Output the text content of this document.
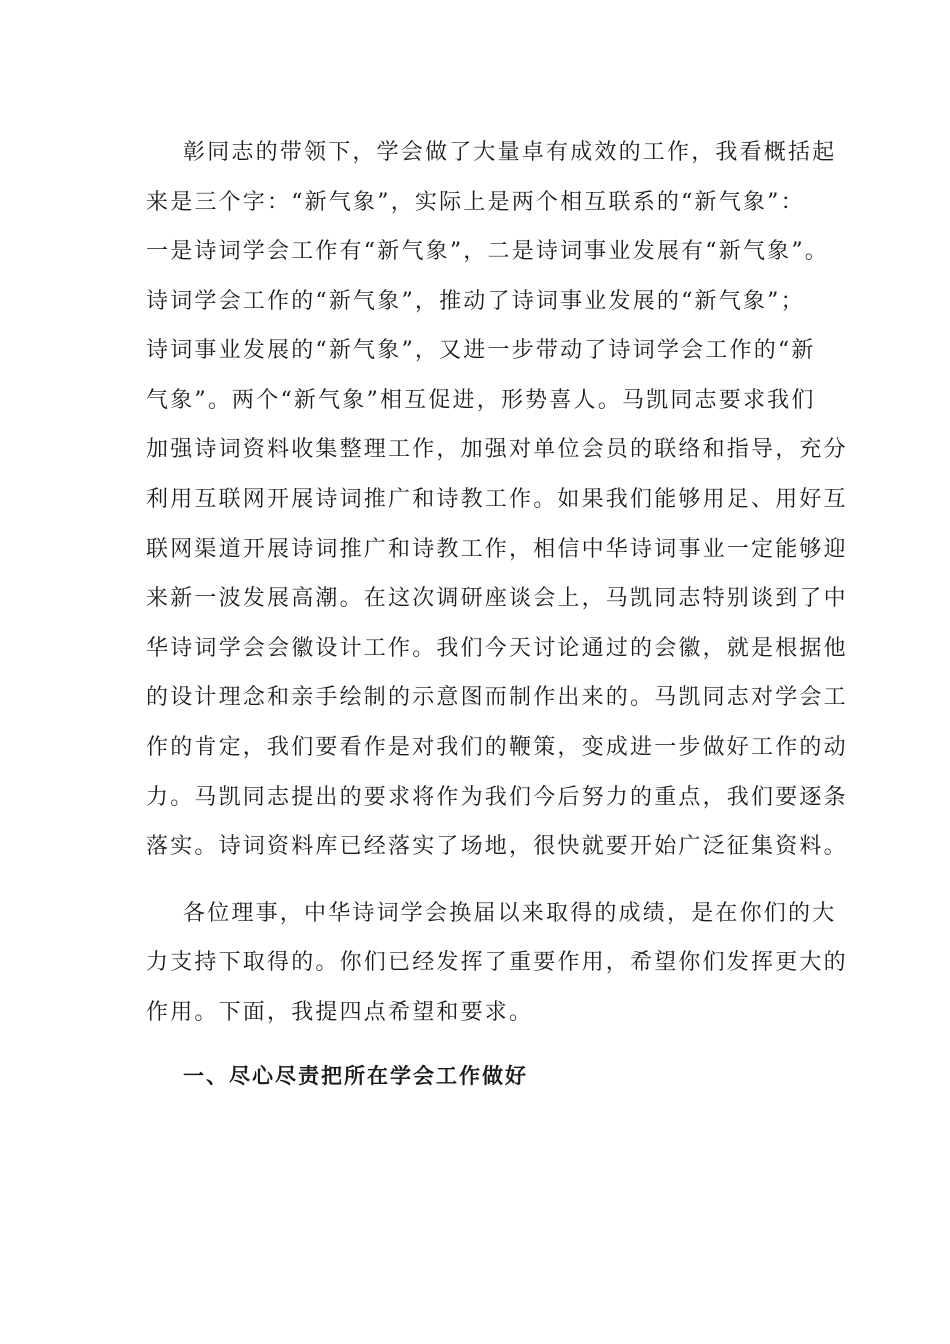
彰同志的带领下，学会做了大量卓有成效的工作，我看概括起
来是三个字：“新气象”，实际上是两个相互联系的“新气象”：
一是诗词学会工作有“新气象”，二是诗词事业发展有“新气象”。
诗词学会工作的“新气象”，推动了诗词事业发展的“新气象”；
诗词事业发展的“新气象”，又进一步带动了诗词学会工作的“新
气象”。两个“新气象”相互促进，形势喜人。马凯同志要求我们
加强诗词资料收集整理工作，加强对单位会员的联络和指导，充分
利用互联网开展诗词推广和诗教工作。如果我们能够用足、用好互
联网渠道开展诗词推广和诗教工作，相信中华诗词事业一定能够迎
来新一波发展高潮。在这次调研座谈会上，马凯同志特别谈到了中
华诗词学会会徽设计工作。我们今天讨论通过的会徽，就是根据他
的设计理念和亲手绘制的示意图而制作出来的。马凯同志对学会工
作的肯定，我们要看作是对我们的鞭策，变成进一步做好工作的动
力。马凯同志提出的要求将作为我们今后努力的重点，我们要逐条
落实。诗词资料库已经落实了场地，很快就要开始广泛征集资料。
各位理事，中华诗词学会换届以来取得的成绩，是在你们的大
力支持下取得的。你们已经发挥了重要作用，希望你们发挥更大的
作用。下面，我提四点希望和要求。
一、尽心尽责把所在学会工作做好
